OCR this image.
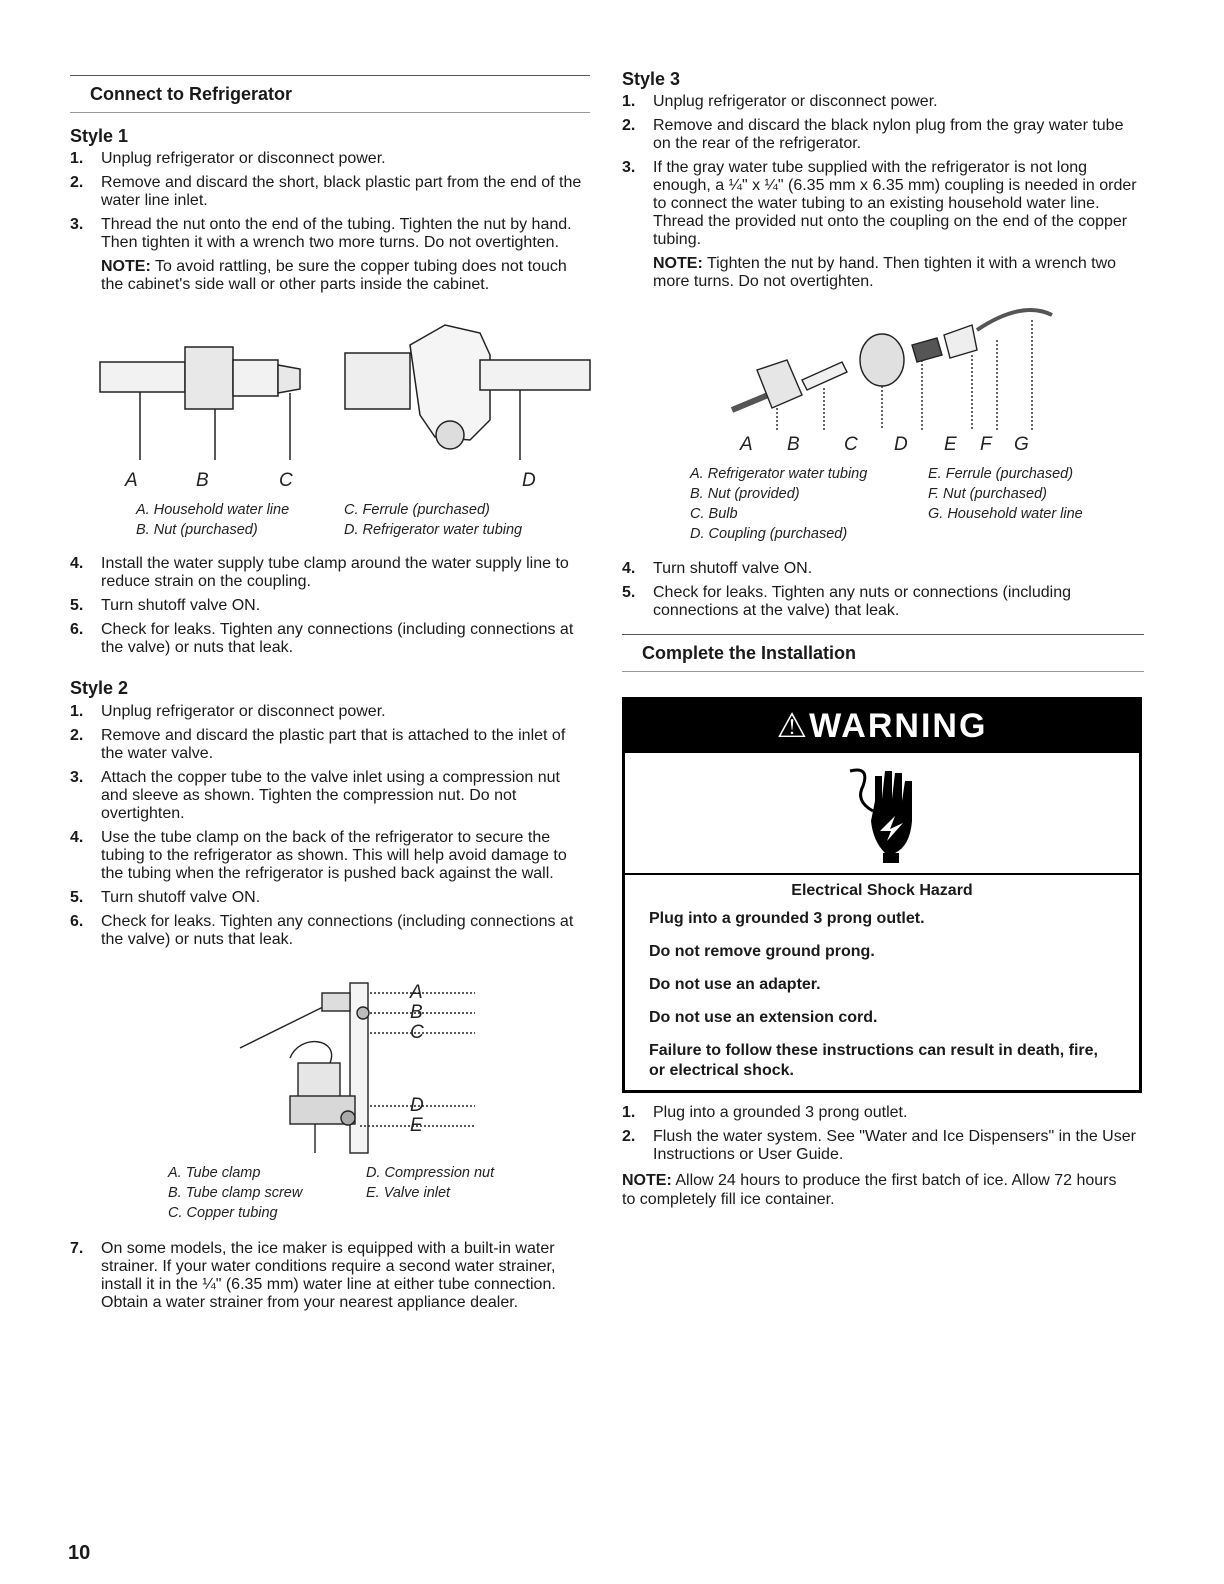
Connect to Refrigerator
Style 1
1. Unplug refrigerator or disconnect power.
2. Remove and discard the short, black plastic part from the end of the water line inlet.
3. Thread the nut onto the end of the tubing. Tighten the nut by hand. Then tighten it with a wrench two more turns. Do not overtighten.
NOTE: To avoid rattling, be sure the copper tubing does not touch the cabinet's side wall or other parts inside the cabinet.
A	B	C	D
A. Household water line
B. Nut (purchased)
C. Ferrule (purchased)
D. Refrigerator water tubing
4. Install the water supply tube clamp around the water supply line to reduce strain on the coupling.
5. Turn shutoff valve ON.
6. Check for leaks. Tighten any connections (including connections at the valve) or nuts that leak.
Style 2
1. Unplug refrigerator or disconnect power.
2. Remove and discard the plastic part that is attached to the inlet of the water valve.
3. Attach the copper tube to the valve inlet using a compression nut and sleeve as shown. Tighten the compression nut. Do not overtighten.
4. Use the tube clamp on the back of the refrigerator to secure the tubing to the refrigerator as shown. This will help avoid damage to the tubing when the refrigerator is pushed back against the wall.
5. Turn shutoff valve ON.
6. Check for leaks. Tighten any connections (including connections at the valve) or nuts that leak.
A
B
C
D
E
A. Tube clamp
B. Tube clamp screw
C. Copper tubing
D. Compression nut
E. Valve inlet
7. On some models, the ice maker is equipped with a built-in water strainer. If your water conditions require a second water strainer, install it in the ¼" (6.35 mm) water line at either tube connection. Obtain a water strainer from your nearest appliance dealer.
10
Style 3
1. Unplug refrigerator or disconnect power.
2. Remove and discard the black nylon plug from the gray water tube on the rear of the refrigerator.
3. If the gray water tube supplied with the refrigerator is not long enough, a ¼" x ¼" (6.35 mm x 6.35 mm) coupling is needed in order to connect the water tubing to an existing household water line. Thread the provided nut onto the coupling on the end of the copper tubing.
NOTE: Tighten the nut by hand. Then tighten it with a wrench two more turns. Do not overtighten.
A B C D E F G
A. Refrigerator water tubing
B. Nut (provided)
C. Bulb
D. Coupling (purchased)
E. Ferrule (purchased)
F. Nut (purchased)
G. Household water line
4. Turn shutoff valve ON.
5. Check for leaks. Tighten any nuts or connections (including connections at the valve) that leak.
Complete the Installation
⚠WARNING
Electrical Shock Hazard

Plug into a grounded 3 prong outlet.

Do not remove ground prong.

Do not use an adapter.

Do not use an extension cord.

Failure to follow these instructions can result in death, fire, or electrical shock.

1. Plug into a grounded 3 prong outlet.
2. Flush the water system. See "Water and Ice Dispensers" in the User Instructions or User Guide.
NOTE: Allow 24 hours to produce the first batch of ice. Allow 72 hours to completely fill ice container.
